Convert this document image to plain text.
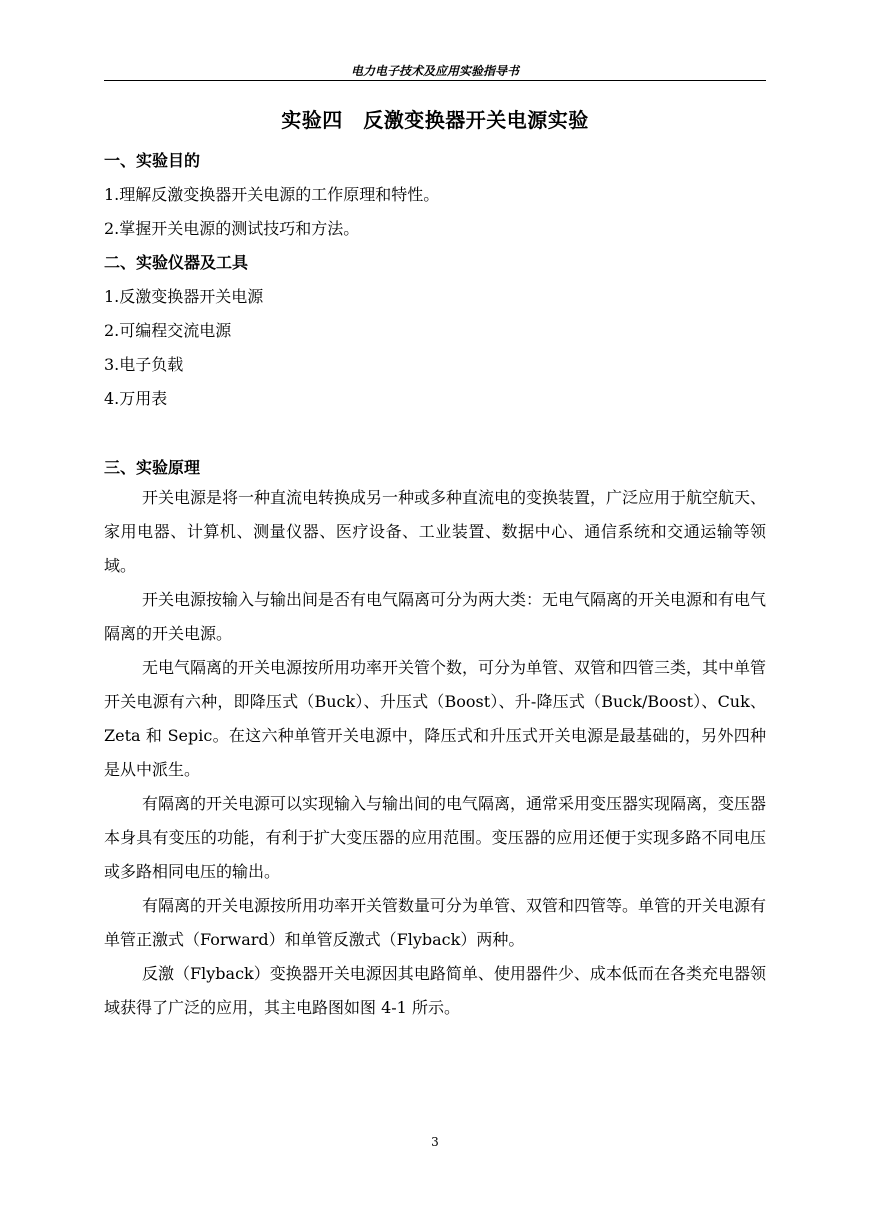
电力电子技术及应用实验指导书
实验四　反激变换器开关电源实验
一、实验目的
1.理解反激变换器开关电源的工作原理和特性。
2.掌握开关电源的测试技巧和方法。
二、实验仪器及工具
1.反激变换器开关电源
2.可编程交流电源
3.电子负载
4.万用表
三、实验原理

开关电源是将一种直流电转换成另一种或多种直流电的变换装置，广泛应用于航空航天、家用电器、计算机、测量仪器、医疗设备、工业装置、数据中心、通信系统和交通运输等领域。

开关电源按输入与输出间是否有电气隔离可分为两大类：无电气隔离的开关电源和有电气隔离的开关电源。

无电气隔离的开关电源按所用功率开关管个数，可分为单管、双管和四管三类，其中单管开关电源有六种，即降压式（Buck）、升压式（Boost）、升-降压式（Buck/Boost）、Cuk、Zeta 和 Sepic。在这六种单管开关电源中，降压式和升压式开关电源是最基础的，另外四种是从中派生。

有隔离的开关电源可以实现输入与输出间的电气隔离，通常采用变压器实现隔离，变压器本身具有变压的功能，有利于扩大变压器的应用范围。变压器的应用还便于实现多路不同电压或多路相同电压的输出。

有隔离的开关电源按所用功率开关管数量可分为单管、双管和四管等。单管的开关电源有单管正激式（Forward）和单管反激式（Flyback）两种。

反激（Flyback）变换器开关电源因其电路简单、使用器件少、成本低而在各类充电器领域获得了广泛的应用，其主电路图如图 4-1 所示。

3
